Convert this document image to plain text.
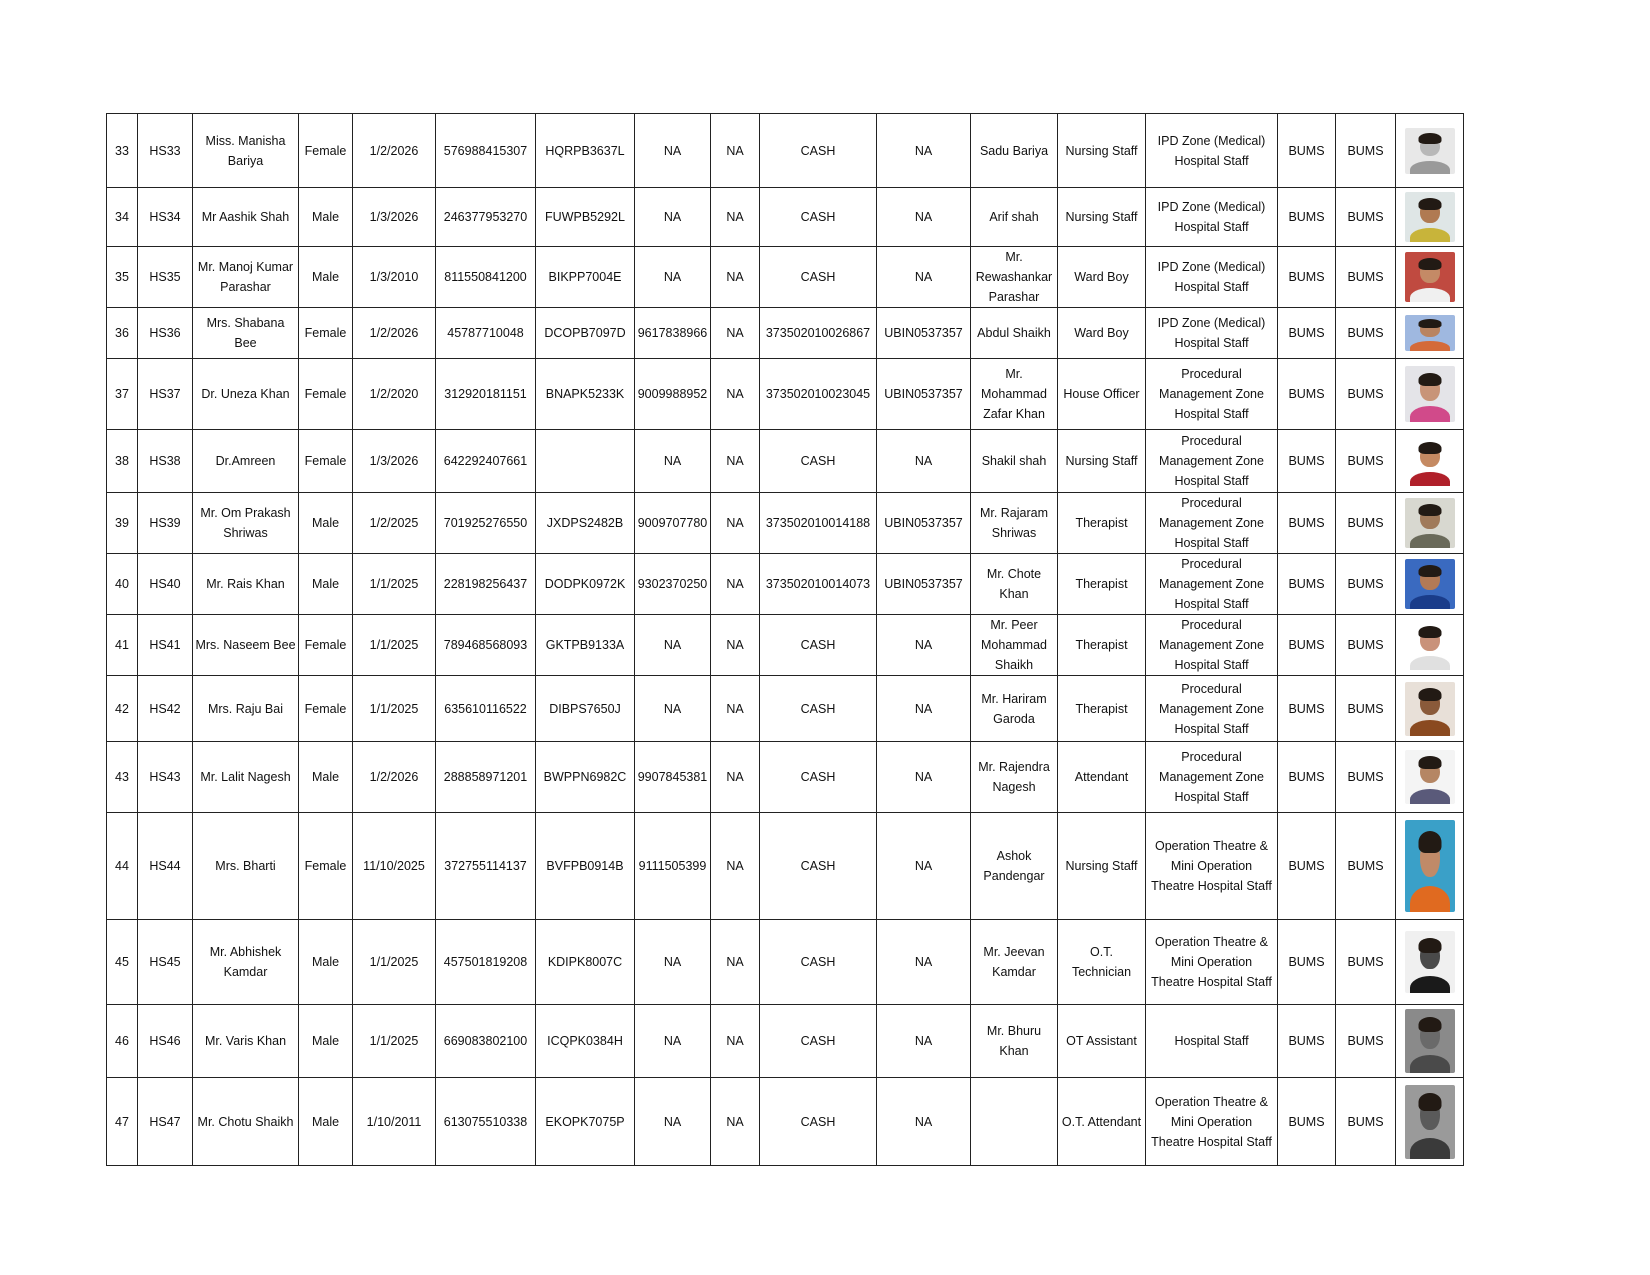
33	HS33	Miss. Manisha Bariya	Female	1/2/2026	576988415307	HQRPB3637L	NA	NA	CASH	NA	Sadu Bariya	Nursing Staff	IPD Zone (Medical) Hospital Staff	BUMS	BUMS	

34	HS34	Mr Aashik Shah	Male	1/3/2026	246377953270	FUWPB5292L	NA	NA	CASH	NA	Arif shah	Nursing Staff	IPD Zone (Medical) Hospital Staff	BUMS	BUMS	

35	HS35	Mr. Manoj Kumar Parashar	Male	1/3/2010	811550841200	BIKPP7004E	NA	NA	CASH	NA	Mr. Rewashankar Parashar	Ward Boy	IPD Zone (Medical) Hospital Staff	BUMS	BUMS	

36	HS36	Mrs. Shabana Bee	Female	1/2/2026	45787710048	DCOPB7097D	9617838966	NA	373502010026867	UBIN0537357	Abdul Shaikh	Ward Boy	IPD Zone (Medical) Hospital Staff	BUMS	BUMS	

37	HS37	Dr. Uneza Khan	Female	1/2/2020	312920181151	BNAPK5233K	9009988952	NA	373502010023045	UBIN0537357	Mr. Mohammad Zafar Khan	House Officer	Procedural Management Zone Hospital Staff	BUMS	BUMS	

38	HS38	Dr.Amreen	Female	1/3/2026	642292407661		NA	NA	CASH	NA	Shakil shah	Nursing Staff	Procedural Management Zone Hospital Staff	BUMS	BUMS	

39	HS39	Mr. Om Prakash Shriwas	Male	1/2/2025	701925276550	JXDPS2482B	9009707780	NA	373502010014188	UBIN0537357	Mr. Rajaram Shriwas	Therapist	Procedural Management Zone Hospital Staff	BUMS	BUMS	

40	HS40	Mr. Rais Khan	Male	1/1/2025	228198256437	DODPK0972K	9302370250	NA	373502010014073	UBIN0537357	Mr. Chote Khan	Therapist	Procedural Management Zone Hospital Staff	BUMS	BUMS	

41	HS41	Mrs. Naseem Bee	Female	1/1/2025	789468568093	GKTPB9133A	NA	NA	CASH	NA	Mr. Peer Mohammad Shaikh	Therapist	Procedural Management Zone Hospital Staff	BUMS	BUMS	

42	HS42	Mrs. Raju Bai	Female	1/1/2025	635610116522	DIBPS7650J	NA	NA	CASH	NA	Mr. Hariram Garoda	Therapist	Procedural Management Zone Hospital Staff	BUMS	BUMS	

43	HS43	Mr. Lalit Nagesh	Male	1/2/2026	288858971201	BWPPN6982C	9907845381	NA	CASH	NA	Mr. Rajendra Nagesh	Attendant	Procedural Management Zone Hospital Staff	BUMS	BUMS	

44	HS44	Mrs. Bharti	Female	11/10/2025	372755114137	BVFPB0914B	9111505399	NA	CASH	NA	Ashok Pandengar	Nursing Staff	Operation Theatre & Mini Operation Theatre Hospital Staff	BUMS	BUMS	

45	HS45	Mr. Abhishek Kamdar	Male	1/1/2025	457501819208	KDIPK8007C	NA	NA	CASH	NA	Mr. Jeevan Kamdar	O.T. Technician	Operation Theatre & Mini Operation Theatre Hospital Staff	BUMS	BUMS	

46	HS46	Mr. Varis Khan	Male	1/1/2025	669083802100	ICQPK0384H	NA	NA	CASH	NA	Mr. Bhuru Khan	OT Assistant	Hospital Staff	BUMS	BUMS	

47	HS47	Mr. Chotu Shaikh	Male	1/10/2011	613075510338	EKOPK7075P	NA	NA	CASH	NA		O.T. Attendant	Operation Theatre & Mini Operation Theatre Hospital Staff	BUMS	BUMS	
